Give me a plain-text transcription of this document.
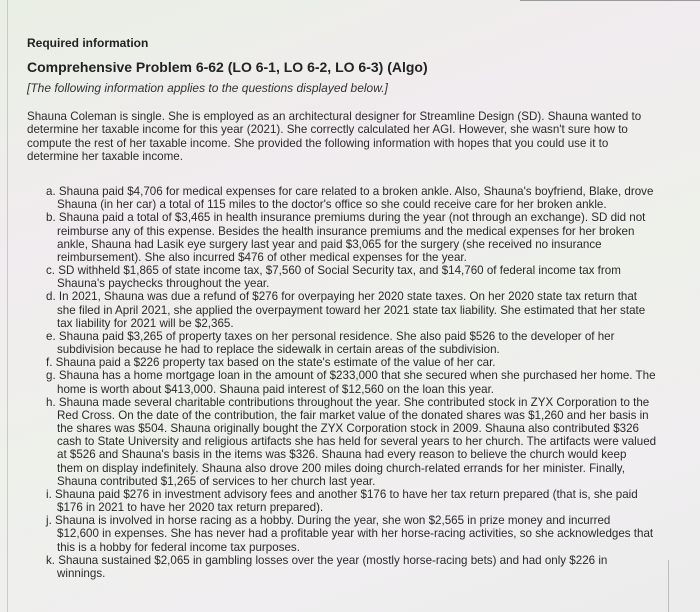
Required information
Comprehensive Problem 6-62 (LO 6-1, LO 6-2, LO 6-3) (Algo)
[The following information applies to the questions displayed below.]
Shauna Coleman is single. She is employed as an architectural designer for Streamline Design (SD). Shauna wanted to
determine her taxable income for this year (2021). She correctly calculated her AGI. However, she wasn't sure how to
compute the rest of her taxable income. She provided the following information with hopes that you could use it to
determine her taxable income.
a. Shauna paid $4,706 for medical expenses for care related to a broken ankle. Also, Shauna's boyfriend, Blake, drove
Shauna (in her car) a total of 115 miles to the doctor's office so she could receive care for her broken ankle.
b. Shauna paid a total of $3,465 in health insurance premiums during the year (not through an exchange). SD did not
reimburse any of this expense. Besides the health insurance premiums and the medical expenses for her broken
ankle, Shauna had Lasik eye surgery last year and paid $3,065 for the surgery (she received no insurance
reimbursement). She also incurred $476 of other medical expenses for the year.
c. SD withheld $1,865 of state income tax, $7,560 of Social Security tax, and $14,760 of federal income tax from
Shauna's paychecks throughout the year.
d. In 2021, Shauna was due a refund of $276 for overpaying her 2020 state taxes. On her 2020 state tax return that
she filed in April 2021, she applied the overpayment toward her 2021 state tax liability. She estimated that her state
tax liability for 2021 will be $2,365.
e. Shauna paid $3,265 of property taxes on her personal residence. She also paid $526 to the developer of her
subdivision because he had to replace the sidewalk in certain areas of the subdivision.
f. Shauna paid a $226 property tax based on the state's estimate of the value of her car.
g. Shauna has a home mortgage loan in the amount of $233,000 that she secured when she purchased her home. The
home is worth about $413,000. Shauna paid interest of $12,560 on the loan this year.
h. Shauna made several charitable contributions throughout the year. She contributed stock in ZYX Corporation to the
Red Cross. On the date of the contribution, the fair market value of the donated shares was $1,260 and her basis in
the shares was $504. Shauna originally bought the ZYX Corporation stock in 2009. Shauna also contributed $326
cash to State University and religious artifacts she has held for several years to her church. The artifacts were valued
at $526 and Shauna's basis in the items was $326. Shauna had every reason to believe the church would keep
them on display indefinitely. Shauna also drove 200 miles doing church-related errands for her minister. Finally,
Shauna contributed $1,265 of services to her church last year.
i. Shauna paid $276 in investment advisory fees and another $176 to have her tax return prepared (that is, she paid
$176 in 2021 to have her 2020 tax return prepared).
j. Shauna is involved in horse racing as a hobby. During the year, she won $2,565 in prize money and incurred
$12,600 in expenses. She has never had a profitable year with her horse-racing activities, so she acknowledges that
this is a hobby for federal income tax purposes.
k. Shauna sustained $2,065 in gambling losses over the year (mostly horse-racing bets) and had only $226 in
winnings.
